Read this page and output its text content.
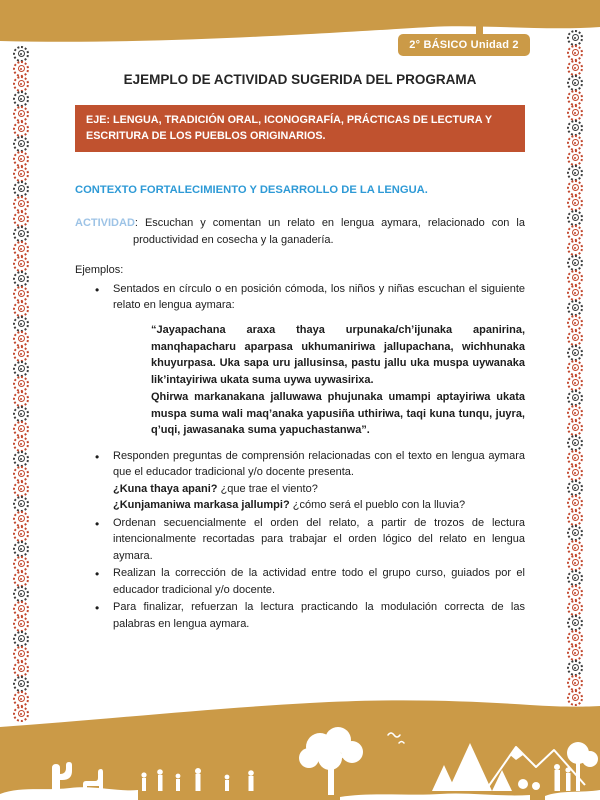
2° BÁSICO Unidad 2
EJEMPLO DE ACTIVIDAD SUGERIDA DEL PROGRAMA
EJE: LENGUA, TRADICIÓN ORAL, ICONOGRAFÍA, PRÁCTICAS DE LECTURA Y ESCRITURA DE LOS PUEBLOS ORIGINARIOS.
CONTEXTO FORTALECIMIENTO Y DESARROLLO DE LA LENGUA.

ACTIVIDAD: Escuchan y comentan un relato en lengua aymara, relacionado con la productividad en cosecha y la ganadería.

Ejemplos:

• Sentados en círculo o en posición cómoda, los niños y niñas escuchan el siguiente relato en lengua aymara:
“Jayapachana araxa thaya urpunaka/ch’ijunaka apanirina, manqhapacharu aparpasa ukhumaniriwa jallupachana, wichhunaka khuyurpasa. Uka sapa uru jallusinsa, pastu jallu uka muspa uywanaka lik’intayiriwa ukata suma uywa uywasirixa.
Qhirwa markanakana jalluwawa phujunaka umampi aptayiriwa ukata muspa suma wali maq’anaka yapusiña uthiriwa, taqi kuna tunqu, juyra, q’uqi, jawasanaka suma yapuchastanwa”.
• Responden preguntas de comprensión relacionadas con el texto en lengua aymara que el educador tradicional y/o docente presenta.
¿Kuna thaya apani? ¿que trae el viento?
¿Kunjamaniwa markasa jallumpi? ¿cómo será el pueblo con la lluvia?
• Ordenan secuencialmente el orden del relato, a partir de trozos de lectura intencionalmente recortadas para trabajar el orden lógico del relato en lengua aymara.
• Realizan la corrección de la actividad entre todo el grupo curso, guiados por el educador tradicional y/o docente.
• Para finalizar, refuerzan la lectura practicando la modulación correcta de las palabras en lengua aymara.
